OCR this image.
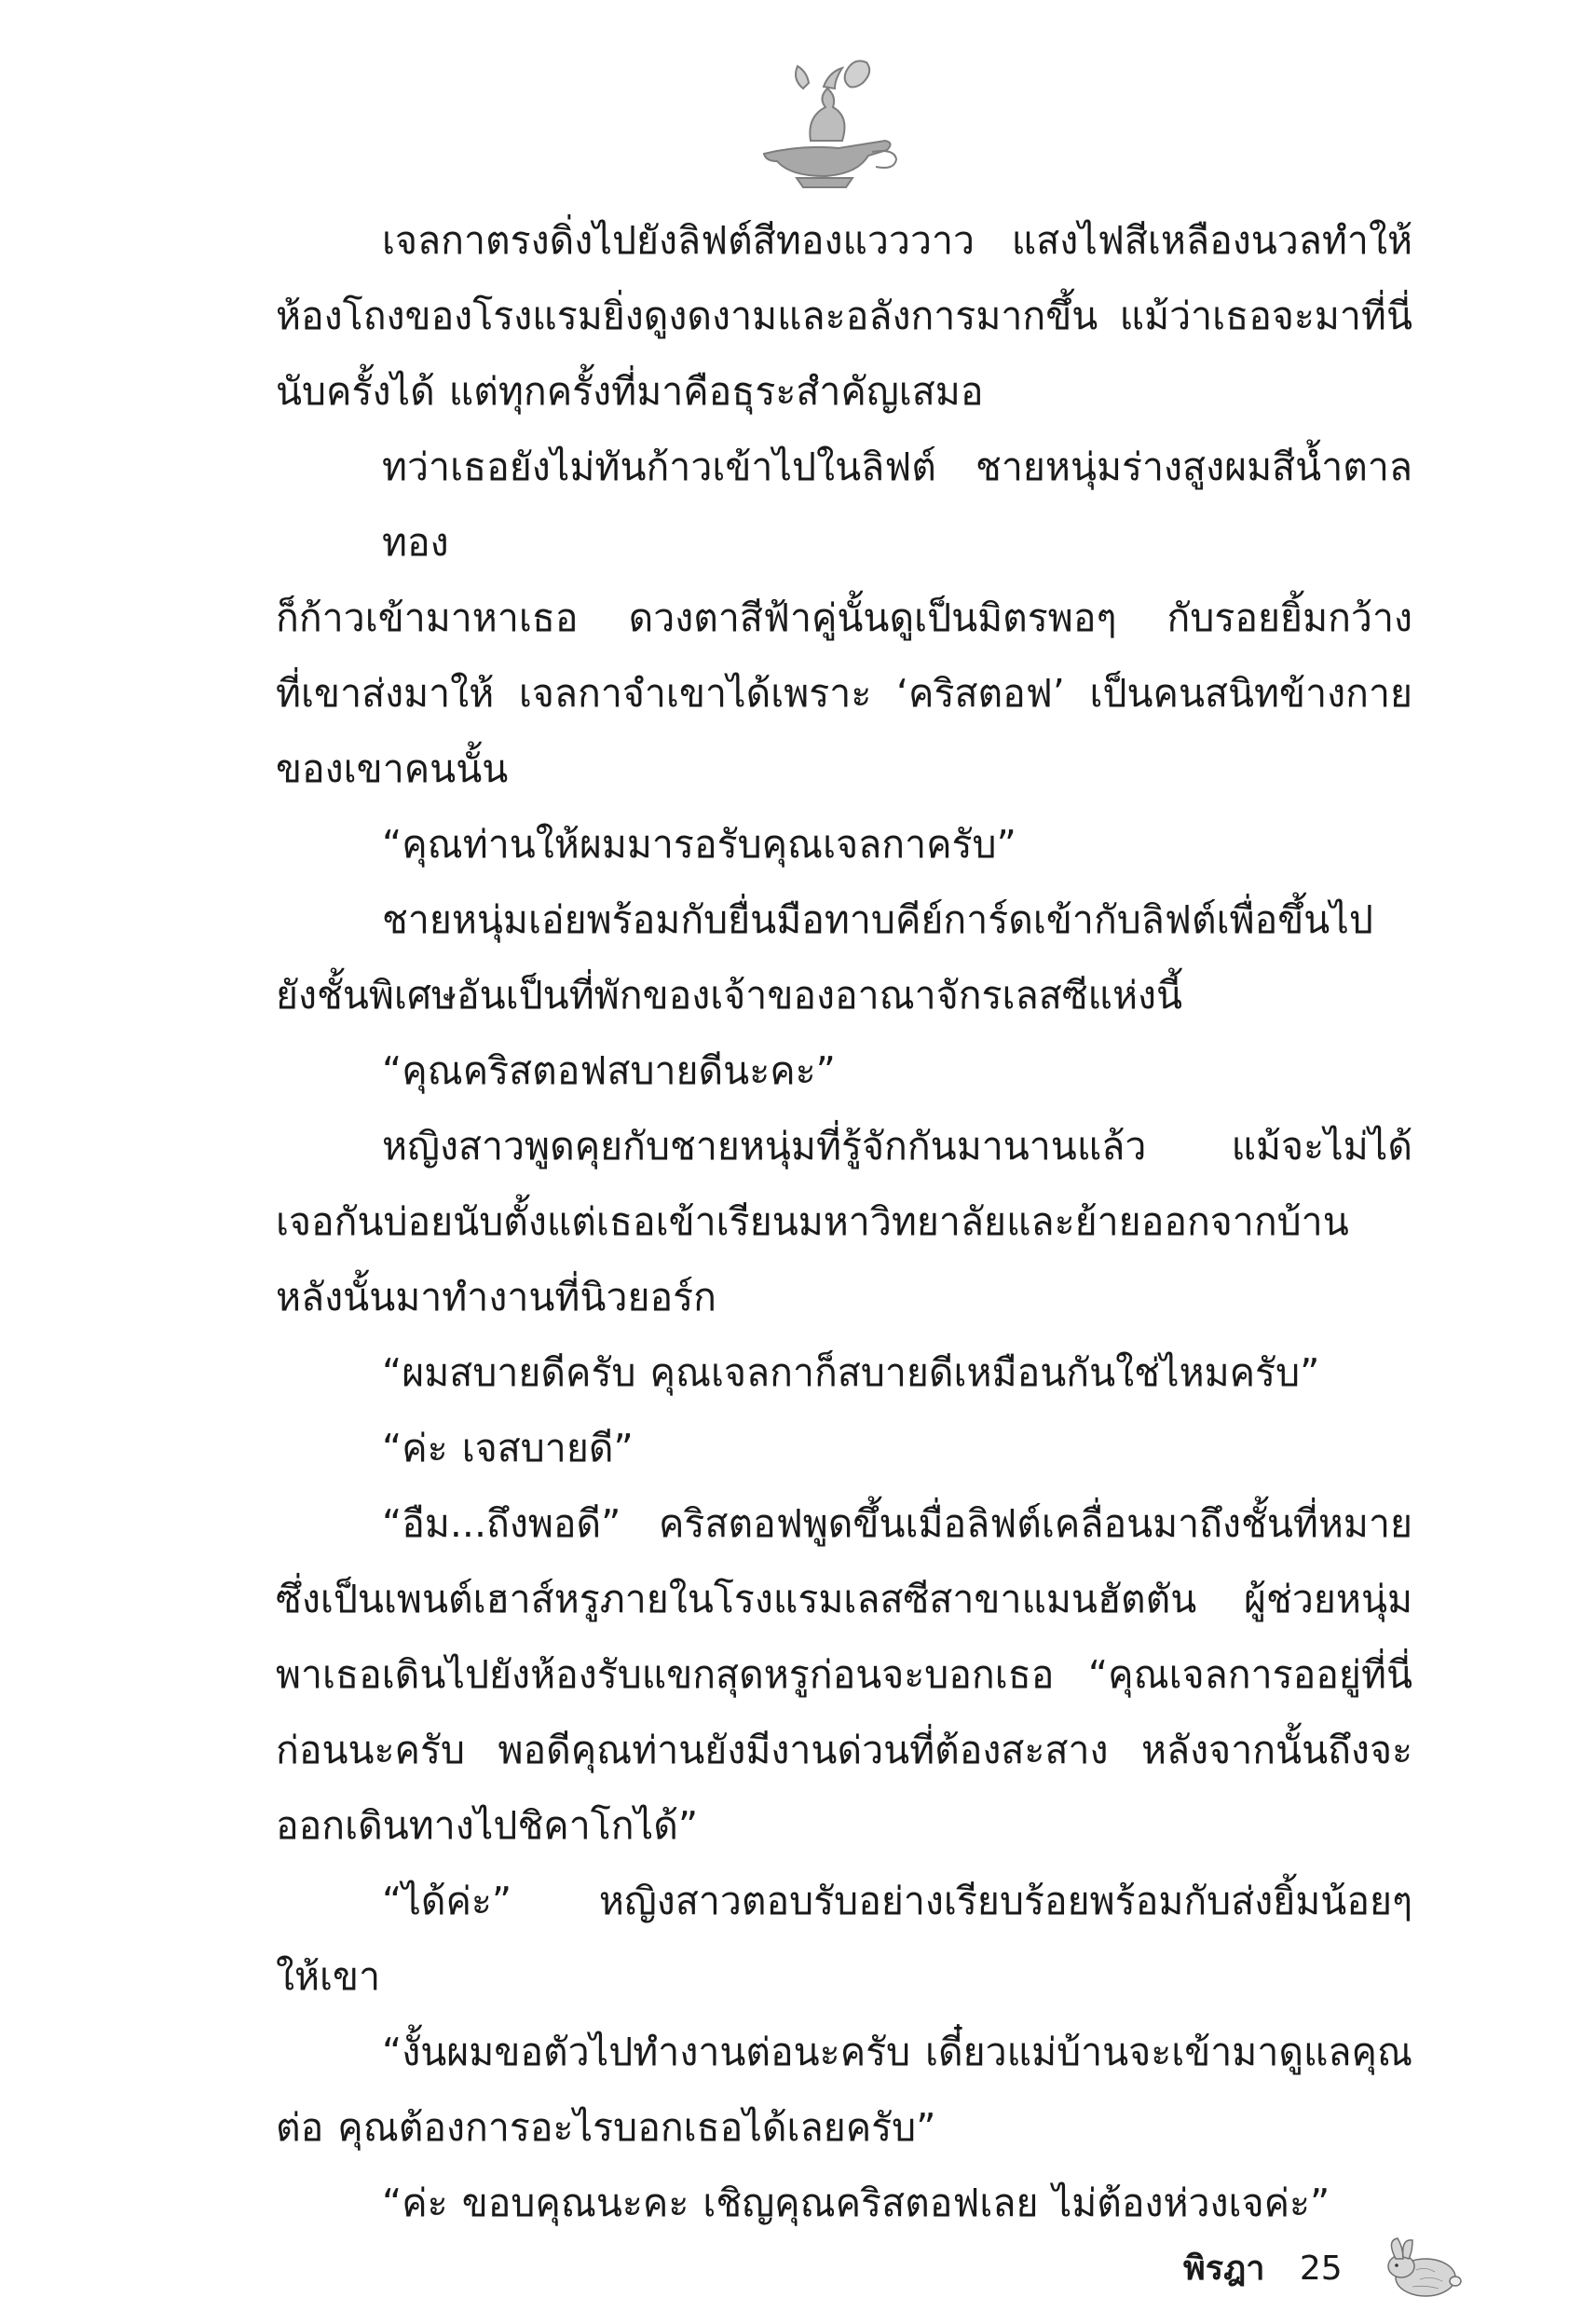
เจลกาตรงดิ่งไปยังลิฟต์สีทองแวววาว แสงไฟสีเหลืองนวลทำให้
ห้องโถงของโรงแรมยิ่งดูงดงามและอลังการมากขึ้น แม้ว่าเธอจะมาที่นี่
นับครั้งได้ แต่ทุกครั้งที่มาคือธุระสำคัญเสมอ

ทว่าเธอยังไม่ทันก้าวเข้าไปในลิฟต์ ชายหนุ่มร่างสูงผมสีน้ำตาลทอง
ก็ก้าวเข้ามาหาเธอ ดวงตาสีฟ้าคู่นั้นดูเป็นมิตรพอๆ กับรอยยิ้มกว้าง
ที่เขาส่งมาให้ เจลกาจำเขาได้เพราะ ‘คริสตอฟ’ เป็นคนสนิทข้างกาย
ของเขาคนนั้น

“คุณท่านให้ผมมารอรับคุณเจลกาครับ”

ชายหนุ่มเอ่ยพร้อมกับยื่นมือทาบคีย์การ์ดเข้ากับลิฟต์เพื่อขึ้นไป
ยังชั้นพิเศษอันเป็นที่พักของเจ้าของอาณาจักรเลสซีแห่งนี้

“คุณคริสตอฟสบายดีนะคะ”

หญิงสาวพูดคุยกับชายหนุ่มที่รู้จักกันมานานแล้ว แม้จะไม่ได้
เจอกันบ่อยนับตั้งแต่เธอเข้าเรียนมหาวิทยาลัยและย้ายออกจากบ้าน
หลังนั้นมาทำงานที่นิวยอร์ก

“ผมสบายดีครับ คุณเจลกาก็สบายดีเหมือนกันใช่ไหมครับ”

“ค่ะ เจสบายดี”

“อืม...ถึงพอดี” คริสตอฟพูดขึ้นเมื่อลิฟต์เคลื่อนมาถึงชั้นที่หมาย
ซึ่งเป็นเพนต์เฮาส์หรูภายในโรงแรมเลสซีสาขาแมนฮัตตัน ผู้ช่วยหนุ่ม
พาเธอเดินไปยังห้องรับแขกสุดหรูก่อนจะบอกเธอ “คุณเจลการออยู่ที่นี่
ก่อนนะครับ พอดีคุณท่านยังมีงานด่วนที่ต้องสะสาง หลังจากนั้นถึงจะ
ออกเดินทางไปชิคาโกได้”

“ได้ค่ะ” หญิงสาวตอบรับอย่างเรียบร้อยพร้อมกับส่งยิ้มน้อยๆ
ให้เขา

“งั้นผมขอตัวไปทำงานต่อนะครับ เดี๋ยวแม่บ้านจะเข้ามาดูแลคุณ
ต่อ คุณต้องการอะไรบอกเธอได้เลยครับ”

“ค่ะ ขอบคุณนะคะ เชิญคุณคริสตอฟเลย ไม่ต้องห่วงเจค่ะ”

พิรฎา 25
